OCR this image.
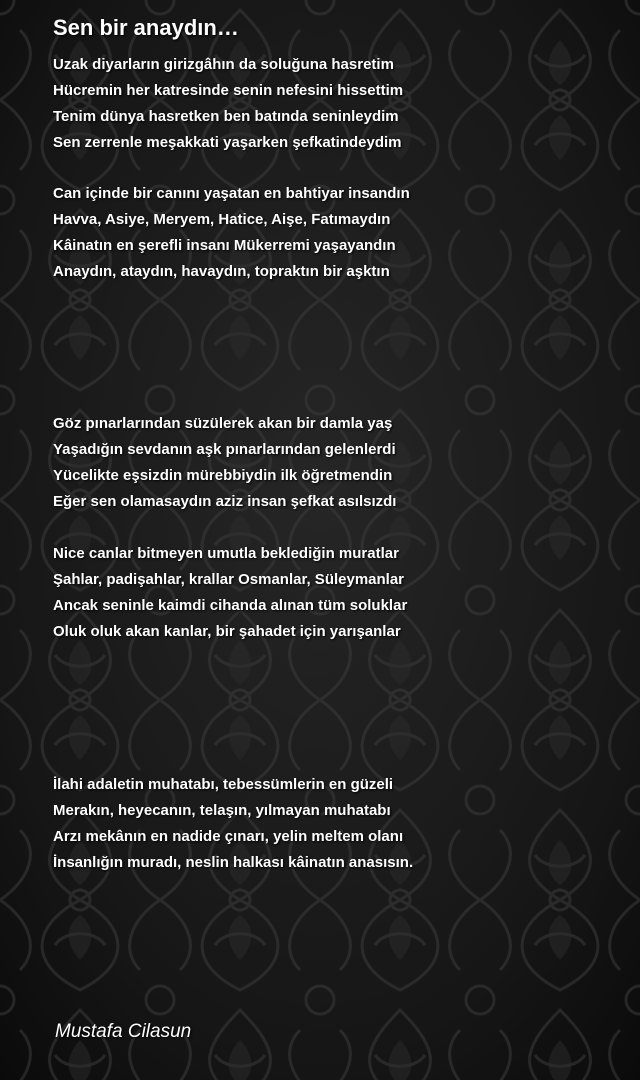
Sen bir anaydın…
Uzak diyarların girizgâhın da soluğuna hasretim
Hücremin her katresinde senin nefesini hissettim
Tenim dünya hasretken ben batında seninleydim
Sen zerrenle meşakkati yaşarken şefkatindeydim
Can içinde bir canını yaşatan en bahtiyar insandın
Havva, Asiye, Meryem, Hatice, Aişe, Fatımaydın
Kâinatın en şerefli insanı Mükerremi yaşayandın
Anaydın, ataydın, havaydın, topraktın bir aşktın
Göz pınarlarından süzülerek akan bir damla yaş
Yaşadığın sevdanın aşk pınarlarından gelenlerdi
Yücelikte eşsizdin mürebbiydin ilk öğretmendin
Eğer sen olamasaydın aziz insan şefkat asılsızdı
Nice canlar bitmeyen umutla beklediğin muratlar
Şahlar, padişahlar, krallar Osmanlar, Süleymanlar
Ancak seninle kaimdi cihanda alınan tüm soluklar
Oluk oluk akan kanlar, bir şahadet için yarışanlar
İlahi adaletin muhatabı, tebessümlerin en güzeli
Merakın, heyecanın, telaşın, yılmayan muhatabı
Arzı mekânın en nadide çınarı, yelin meltem olanı
İnsanlığın muradı, neslin halkası kâinatın anasısın.

Mustafa Cilasun
